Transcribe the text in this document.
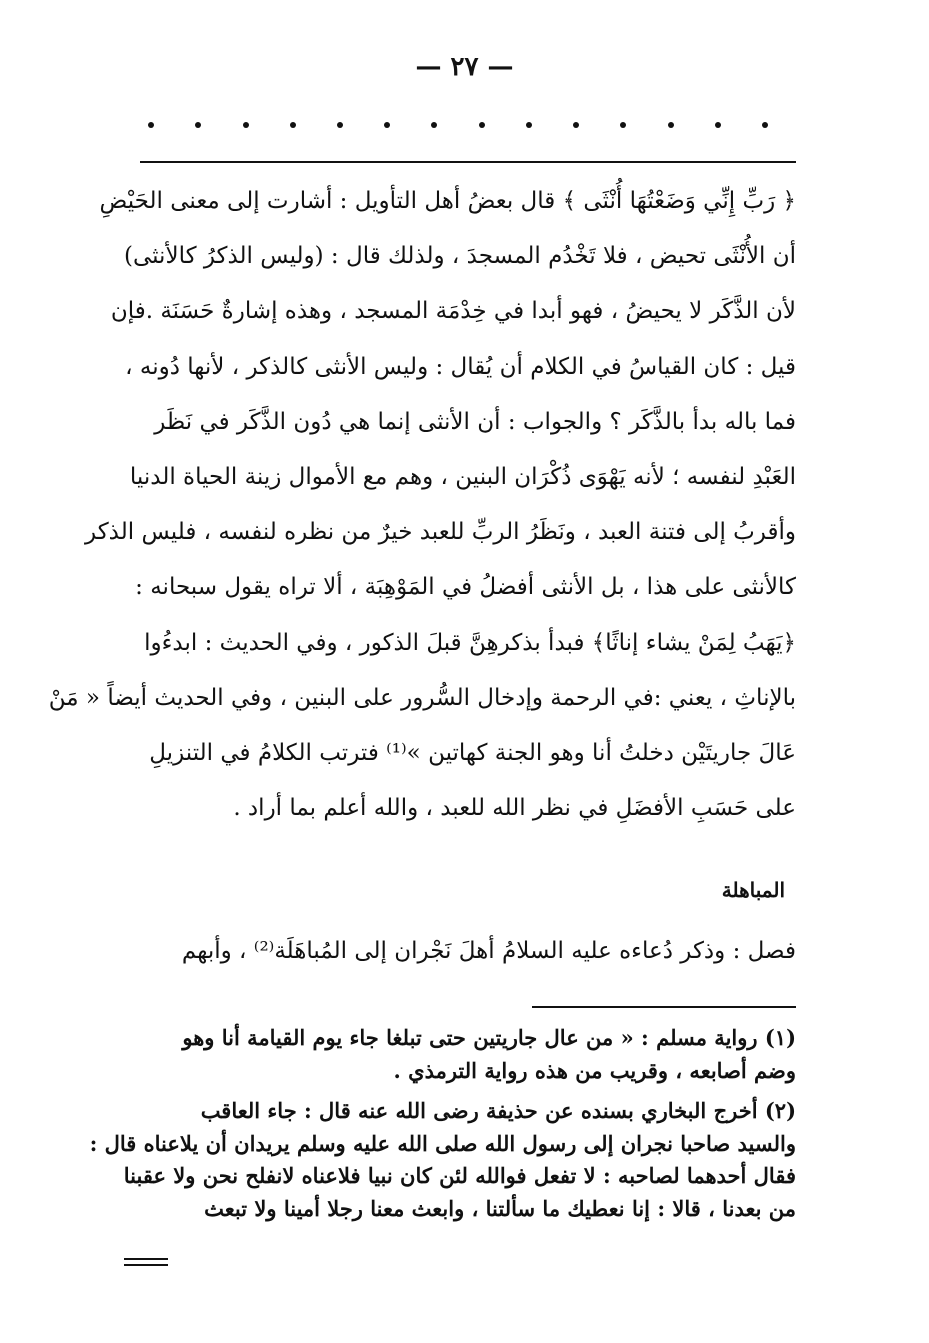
— ٢٧ —

﴿ رَبِّ إِنِّي وَضَعْتُهَا أُنْثَى ﴾ قال بعضُ أهل التأويل : أشارت إلى معنى الحَيْضِ

أن الأُنْثَى تحيض ، فلا تَخْدُم المسجدَ ، ولذلك قال : (وليس الذكرُ كالأنثى)

لأن الذَّكَر لا يحيضُ ، فهو أبدا في خِدْمَة المسجد ، وهذه إشارةٌ حَسَنَة .فإن

قيل : كان القياسُ في الكلام أن يُقال : وليس الأنثى كالذكر ، لأنها دُونه ،

فما باله بدأ بالذَّكَر ؟ والجواب : أن الأنثى إنما هي دُون الذَّكَر في نَظَر

العَبْدِ لنفسه ؛ لأنه يَهْوَى ذُكْرَان البنين ، وهم مع الأموال زينة الحياة الدنيا

وأقربُ إلى فتنة العبد ، ونَظَرُ الربِّ للعبد خيرٌ من نظره لنفسه ، فليس الذكر

كالأنثى على هذا ، بل الأنثى أفضلُ في المَوْهِبَة ، ألا تراه يقول سبحانه :

﴿يَهَبُ لِمَنْ يشاء إناثًا﴾ فبدأ بذكرهِنَّ قبلَ الذكور ، وفي الحديث : ابدءُوا

بالإناثِ ، يعني :في الرحمة وإدخال السُّرور على البنين ، وفي الحديث أيضاً « مَنْ

عَالَ جاريتَيْن دخلتُ أنا وهو الجنة كهاتين »⁽¹⁾ فترتب الكلامُ في التنزيلِ

على حَسَبِ الأفضَلِ في نظر الله للعبد ، والله أعلم بما أراد .

المباهلة
فصل : وذكر دُعاءه عليه السلامُ أهلَ نَجْران إلى المُباهَلَة⁽²⁾ ، وأبهم

(١) رواية مسلم : « من عال جاريتين حتى تبلغا جاء يوم القيامة أنا وهو

وضم أصابعه ، وقريب من هذه رواية الترمذي .

(٢) أخرج البخاري بسنده عن حذيفة رضى الله عنه قال : جاء العاقب

والسيد صاحبا نجران إلى رسول الله صلى الله عليه وسلم يريدان أن يلاعناه قال :

فقال أحدهما لصاحبه : لا تفعل فوالله لئن كان نبيا فلاعناه لانفلح نحن ولا عقبنا

من بعدنا ، قالا : إنا نعطيك ما سألتنا ، وابعث معنا رجلا أمينا ولا تبعث
